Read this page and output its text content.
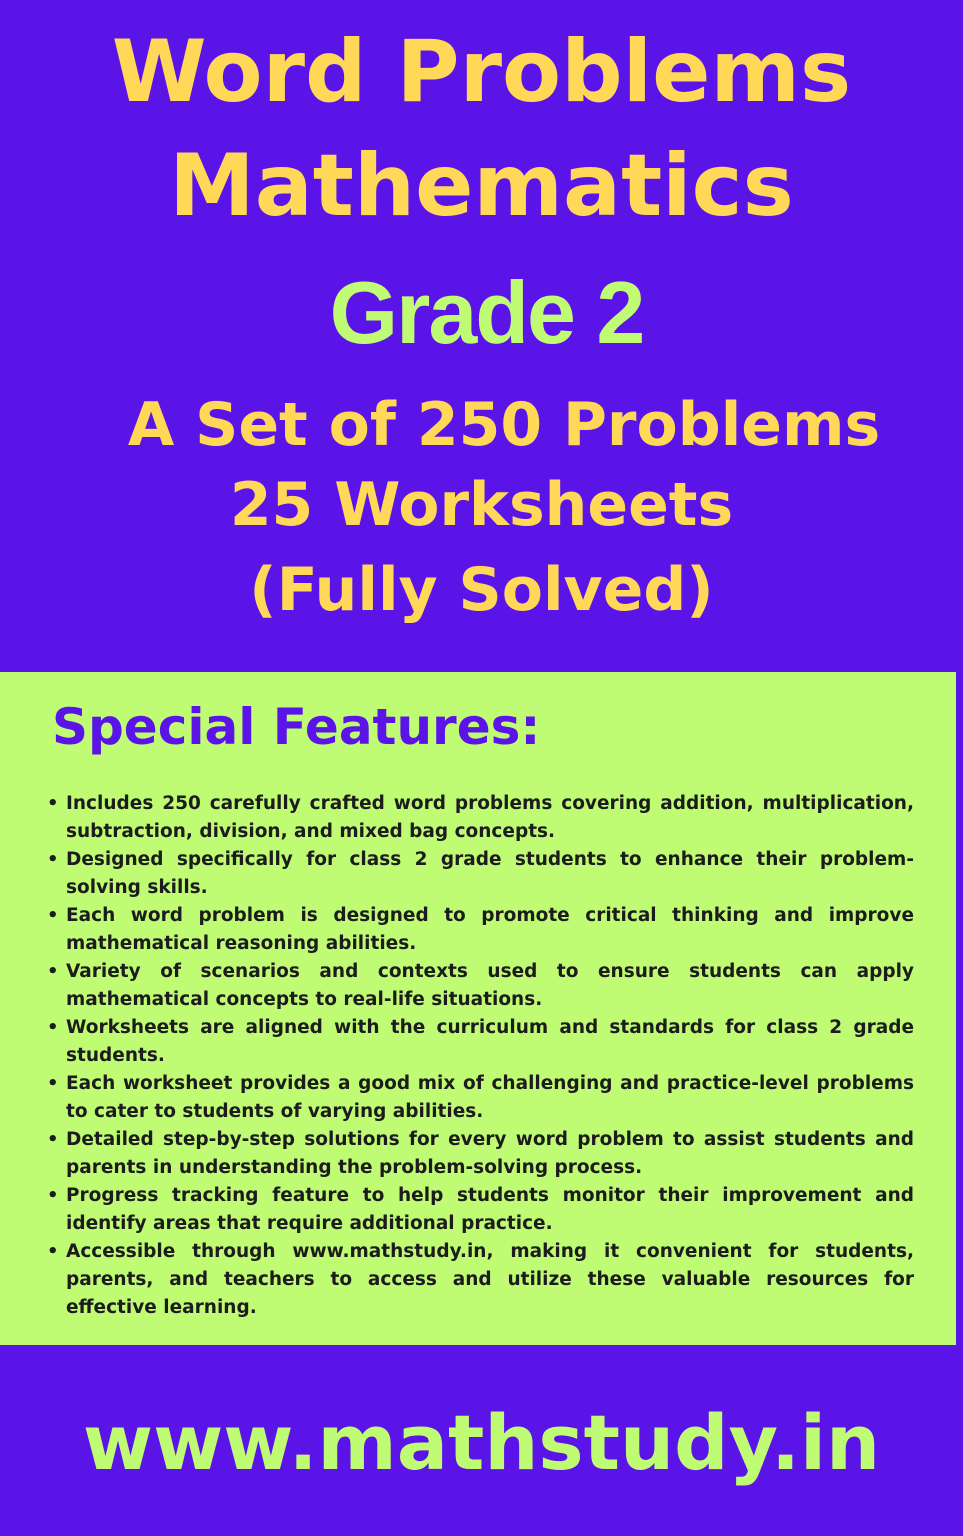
Word Problems
Mathematics
Grade 2
A Set of 250 Problems
25 Worksheets
(Fully Solved)
Special Features:
• Includes 250 carefully crafted word problems covering addition, multiplication, subtraction, division, and mixed bag concepts.
• Designed specifically for class 2 grade students to enhance their problem-solving skills.
• Each word problem is designed to promote critical thinking and improve mathematical reasoning abilities.
• Variety of scenarios and contexts used to ensure students can apply mathematical concepts to real-life situations.
• Worksheets are aligned with the curriculum and standards for class 2 grade students.
• Each worksheet provides a good mix of challenging and practice-level problems to cater to students of varying abilities.
• Detailed step-by-step solutions for every word problem to assist students and parents in understanding the problem-solving process.
• Progress tracking feature to help students monitor their improvement and identify areas that require additional practice.
• Accessible through www.mathstudy.in, making it convenient for students, parents, and teachers to access and utilize these valuable resources for effective learning.
www.mathstudy.in
